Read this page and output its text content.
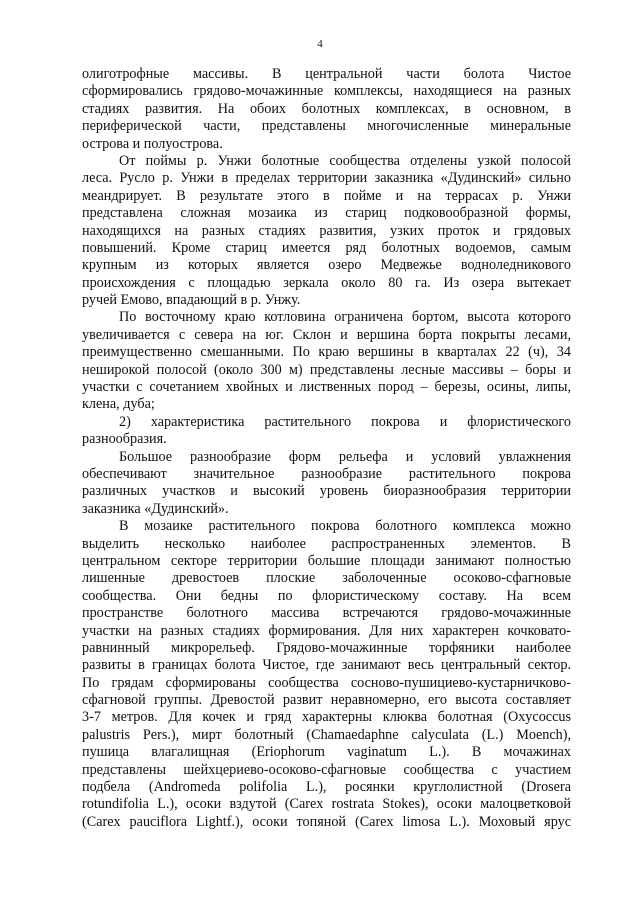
4
олиготрофные массивы. В центральной части болота Чистое
сформировались грядово-мочажинные комплексы, находящиеся на разных
стадиях развития. На обоих болотных комплексах, в основном, в
периферической части, представлены многочисленные минеральные
острова и полуострова.
От поймы р. Унжи болотные сообщества отделены узкой полосой
леса. Русло р. Унжи в пределах территории заказника «Дудинский» сильно
меандрирует. В результате этого в пойме и на террасах р. Унжи
представлена сложная мозаика из стариц подковообразной формы,
находящихся на разных стадиях развития, узких проток и грядовых
повышений. Кроме стариц имеется ряд болотных водоемов, самым
крупным из которых является озеро Медвежье водноледникового
происхождения с площадью зеркала около 80 га. Из озера вытекает
ручей Емово, впадающий в р. Унжу.
По восточному краю котловина ограничена бортом, высота которого
увеличивается с севера на юг. Склон и вершина борта покрыты лесами,
преимущественно смешанными. По краю вершины в кварталах 22 (ч), 34
неширокой полосой (около 300 м) представлены лесные массивы – боры и
участки с сочетанием хвойных и лиственных пород – березы, осины, липы,
клена, дуба;
2) характеристика растительного покрова и флористического
разнообразия.
Большое разнообразие форм рельефа и условий увлажнения
обеспечивают значительное разнообразие растительного покрова
различных участков и высокий уровень биоразнообразия территории
заказника «Дудинский».
В мозаике растительного покрова болотного комплекса можно
выделить несколько наиболее распространенных элементов. В
центральном секторе территории большие площади занимают полностью
лишенные древостоев плоские заболоченные осоково-сфагновые
сообщества. Они бедны по флористическому составу. На всем
пространстве болотного массива встречаются грядово-мочажинные
участки на разных стадиях формирования. Для них характерен кочковато-
равнинный микрорельеф. Грядово-мочажинные торфяники наиболее
развиты в границах болота Чистое, где занимают весь центральный сектор.
По грядам сформированы сообщества сосново-пушициево-кустарничково-
сфагновой группы. Древостой развит неравномерно, его высота составляет
3-7 метров. Для кочек и гряд характерны клюква болотная (Oxycoccus
palustris Pers.), мирт болотный (Chamaedaphne calyculata (L.) Moench),
пушица влагалищная (Eriophorum vaginatum L.). В мочажинах
представлены шейхцериево-осоково-сфагновые сообщества с участием
подбела (Andromeda polifolia L.), росянки круглолистной (Drosera
rotundifolia L.), осоки вздутой (Carex rostrata Stokes), осоки малоцветковой
(Carex pauciflora Lightf.), осоки топяной (Carex limosa L.). Моховый ярус
